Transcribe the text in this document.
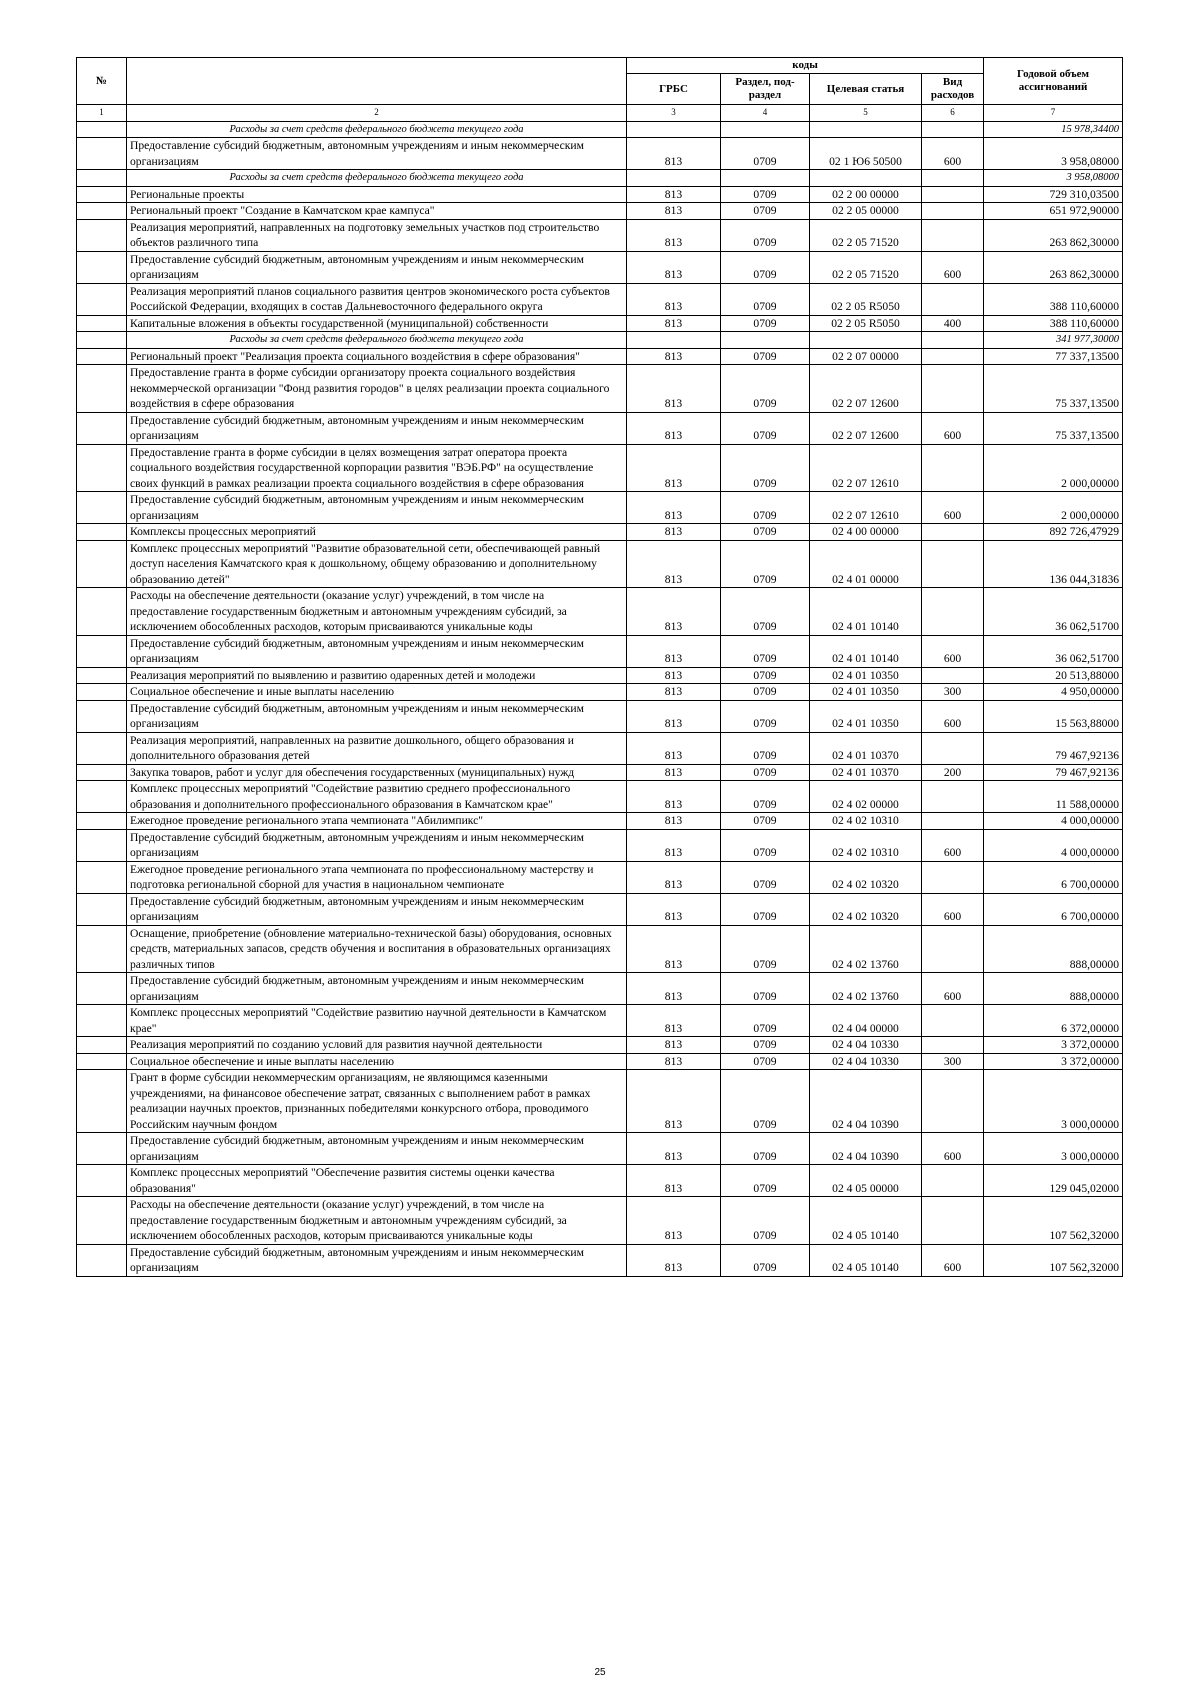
№		коды				Годовой объем ассигнований
		ГРБС	Раздел, под-раздел	Целевая статья	Вид расходов	
1	2	3	4	5	6	7
	Расходы за счет средств федерального бюджета текущего года					15 978,34400
	Предоставление субсидий бюджетным, автономным учреждениям и иным некоммерческим организациям	813	0709	02 1 Ю6 50500	600	3 958,08000
	Расходы за счет средств федерального бюджета текущего года					3 958,08000
	Региональные проекты	813	0709	02 2 00 00000		729 310,03500
	Региональный проект "Создание в Камчатском крае кампуса"	813	0709	02 2 05 00000		651 972,90000
	Реализация мероприятий, направленных на подготовку земельных участков под строительство объектов различного типа	813	0709	02 2 05 71520		263 862,30000
	Предоставление субсидий бюджетным, автономным учреждениям и иным некоммерческим организациям	813	0709	02 2 05 71520	600	263 862,30000
	Реализация мероприятий планов социального развития центров экономического роста субъектов Российской Федерации, входящих в состав Дальневосточного федерального округа	813	0709	02 2 05 R5050		388 110,60000
	Капитальные вложения в объекты государственной (муниципальной) собственности	813	0709	02 2 05 R5050	400	388 110,60000
	Расходы за счет средств федерального бюджета текущего года					341 977,30000
	Региональный проект "Реализация проекта социального воздействия в сфере образования"	813	0709	02 2 07 00000		77 337,13500
	Предоставление гранта в форме субсидии организатору проекта социального воздействия некоммерческой организации "Фонд развития городов" в целях реализации проекта социального воздействия в сфере образования	813	0709	02 2 07 12600		75 337,13500
	Предоставление субсидий бюджетным, автономным учреждениям и иным некоммерческим организациям	813	0709	02 2 07 12600	600	75 337,13500
	Предоставление гранта в форме субсидии в целях возмещения затрат оператора проекта социального воздействия государственной корпорации развития "ВЭБ.РФ" на осуществление своих функций в рамках реализации проекта социального воздействия в сфере образования	813	0709	02 2 07 12610		2 000,00000
	Предоставление субсидий бюджетным, автономным учреждениям и иным некоммерческим организациям	813	0709	02 2 07 12610	600	2 000,00000
	Комплексы процессных мероприятий	813	0709	02 4 00 00000		892 726,47929
	Комплекс процессных мероприятий "Развитие образовательной сети, обеспечивающей равный доступ населения Камчатского края к дошкольному, общему образованию и дополнительному образованию детей"	813	0709	02 4 01 00000		136 044,31836
	Расходы на обеспечение деятельности (оказание услуг) учреждений, в том числе на предоставление государственным бюджетным и автономным учреждениям субсидий, за исключением обособленных расходов, которым присваиваются уникальные коды	813	0709	02 4 01 10140		36 062,51700
	Предоставление субсидий бюджетным, автономным учреждениям и иным некоммерческим организациям	813	0709	02 4 01 10140	600	36 062,51700
	Реализация мероприятий по выявлению и развитию одаренных детей и молодежи	813	0709	02 4 01 10350		20 513,88000
	Социальное обеспечение и иные выплаты населению	813	0709	02 4 01 10350	300	4 950,00000
	Предоставление субсидий бюджетным, автономным учреждениям и иным некоммерческим организациям	813	0709	02 4 01 10350	600	15 563,88000
	Реализация мероприятий, направленных на развитие дошкольного, общего образования и дополнительного образования детей	813	0709	02 4 01 10370		79 467,92136
	Закупка товаров, работ и услуг для обеспечения государственных (муниципальных) нужд	813	0709	02 4 01 10370	200	79 467,92136
	Комплекс процессных мероприятий "Содействие развитию среднего профессионального образования и дополнительного профессионального образования в Камчатском крае"	813	0709	02 4 02 00000		11 588,00000
	Ежегодное проведение регионального этапа чемпионата "Абилимпикс"	813	0709	02 4 02 10310		4 000,00000
	Предоставление субсидий бюджетным, автономным учреждениям и иным некоммерческим организациям	813	0709	02 4 02 10310	600	4 000,00000
	Ежегодное проведение регионального этапа чемпионата по профессиональному мастерству и подготовка региональной сборной для участия в национальном чемпионате	813	0709	02 4 02 10320		6 700,00000
	Предоставление субсидий бюджетным, автономным учреждениям и иным некоммерческим организациям	813	0709	02 4 02 10320	600	6 700,00000
	Оснащение, приобретение (обновление материально-технической базы) оборудования, основных средств, материальных запасов, средств обучения и воспитания в образовательных организациях различных типов	813	0709	02 4 02 13760		888,00000
	Предоставление субсидий бюджетным, автономным учреждениям и иным некоммерческим организациям	813	0709	02 4 02 13760	600	888,00000
	Комплекс процессных мероприятий "Содействие развитию научной деятельности в Камчатском крае"	813	0709	02 4 04 00000		6 372,00000
	Реализация мероприятий по созданию условий для развития научной деятельности	813	0709	02 4 04 10330		3 372,00000
	Социальное обеспечение и иные выплаты населению	813	0709	02 4 04 10330	300	3 372,00000
	Грант в форме субсидии некоммерческим организациям, не являющимся казенными учреждениями, на финансовое обеспечение затрат, связанных с выполнением работ в рамках реализации научных проектов, признанных победителями конкурсного отбора, проводимого Российским научным фондом	813	0709	02 4 04 10390		3 000,00000
	Предоставление субсидий бюджетным, автономным учреждениям и иным некоммерческим организациям	813	0709	02 4 04 10390	600	3 000,00000
	Комплекс процессных мероприятий "Обеспечение развития системы оценки качества образования"	813	0709	02 4 05 00000		129 045,02000
	Расходы на обеспечение деятельности (оказание услуг) учреждений, в том числе на предоставление государственным бюджетным и автономным учреждениям субсидий, за исключением обособленных расходов, которым присваиваются уникальные коды	813	0709	02 4 05 10140		107 562,32000
	Предоставление субсидий бюджетным, автономным учреждениям и иным некоммерческим организациям	813	0709	02 4 05 10140	600	107 562,32000
25
